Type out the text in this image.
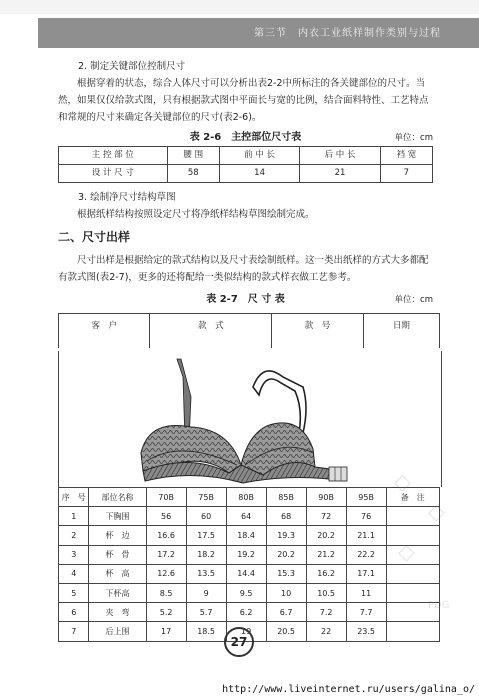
第三节　内衣工业纸样制作类别与过程

2. 制定关键部位控制尺寸

根据穿着的状态，综合人体尺寸可以分析出表2-2中所标注的各关键部位的尺寸。当然，如果仅仅给款式图，只有根据款式图中平面长与宽的比例，结合面料特性、工艺特点和常规的尺寸来确定各关键部位的尺寸(表2-6)。

表 2-6　主控部位尺寸表	单位：cm
主 控 部 位	腰 围	前 中 长	后 中 长	裆 宽
设 计 尺 寸	58	14	21	7

3. 绘制净尺寸结构草图

根据纸样结构按照设定尺寸将净纸样结构草图绘制完成。

二、尺寸出样

尺寸出样是根据给定的款式结构以及尺寸表绘制纸样。这一类出纸样的方式大多都配有款式图(表2-7)，更多的还将配给一类似结构的款式样衣做工艺参考。

表 2-7　尺 寸 表	单位：cm
客　户	款　式	款　号	日期

序　号	部位名称	70B	75B	80B	85B	90B	95B	备　注
1	下胸围	56	60	64	68	72	76	
2	杯　边	16.6	17.5	18.4	19.3	20.2	21.1	
3	杯　骨	17.2	18.2	19.2	20.2	21.2	22.2	
4	杯　高	12.6	13.5	14.4	15.3	16.2	17.1	
5	下杯高	8.5	9	9.5	10	10.5	11	
6	夹　弯	5.2	5.7	6.2	6.7	7.2	7.7	
7	后上围	17	18.5	19	20.5	22	23.5	
◇
◇
◇
PDG
27
http://www.liveinternet.ru/users/galina_o/
